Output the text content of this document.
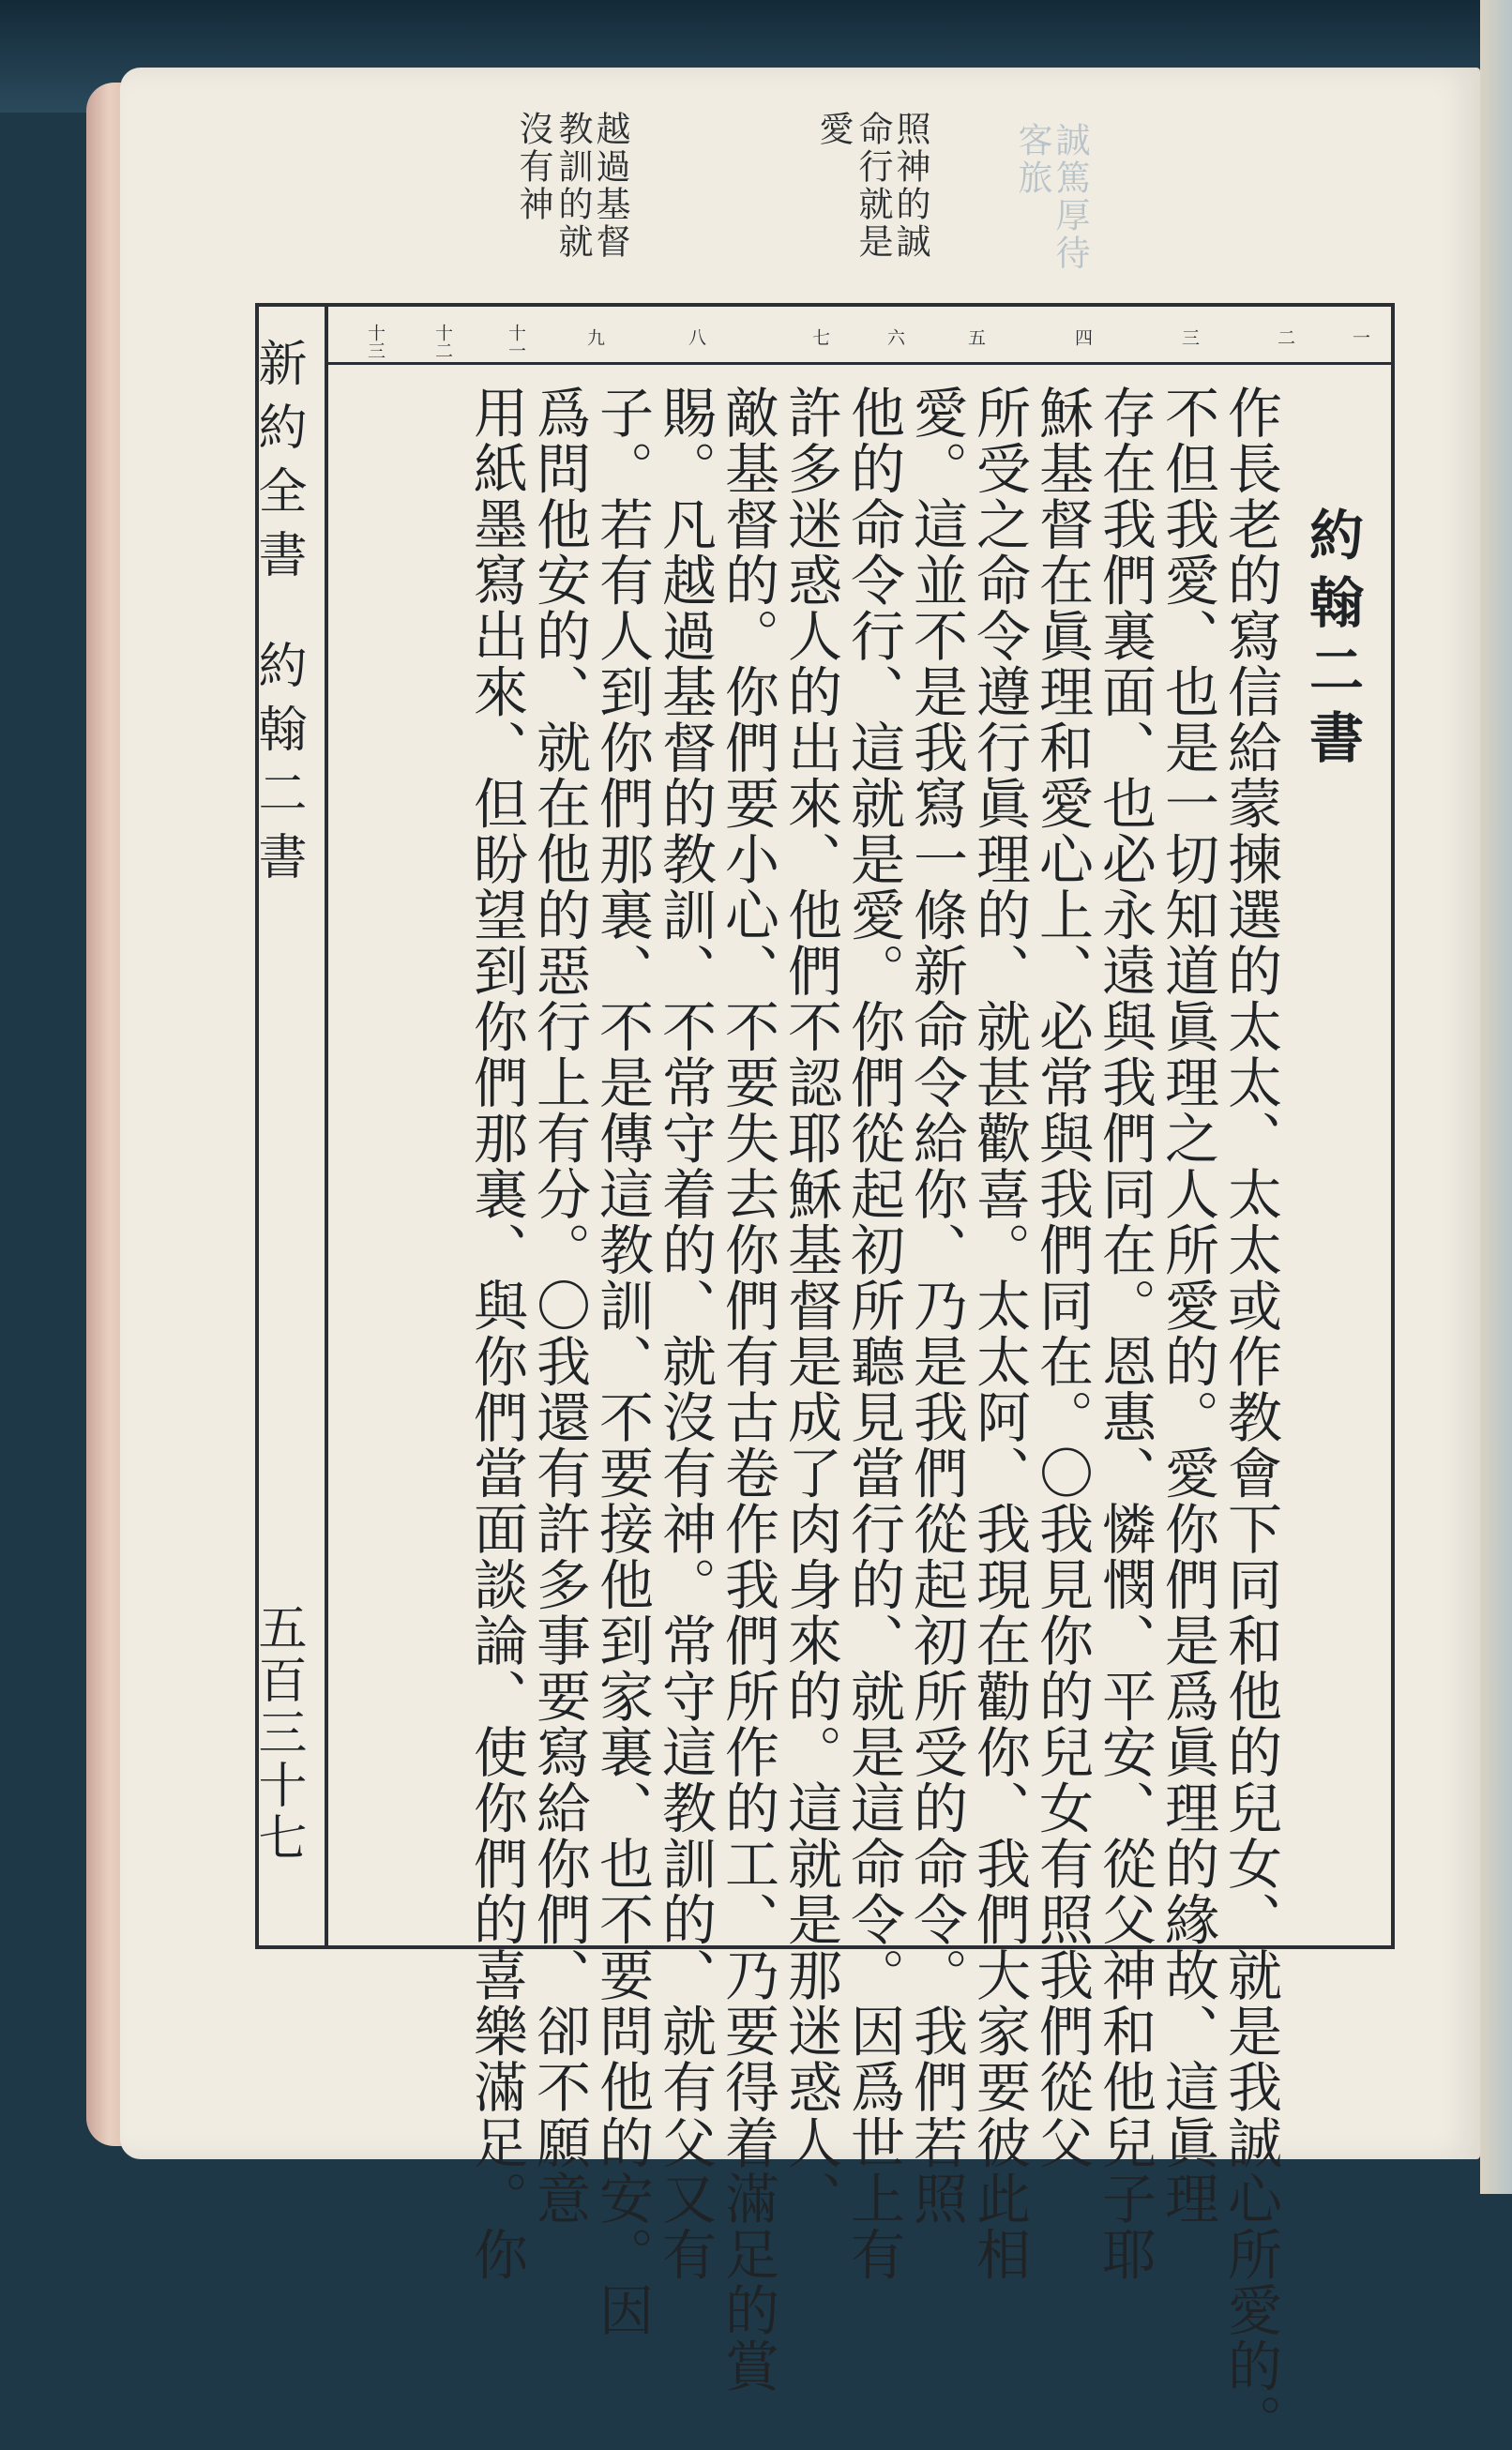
誠篤厚待
客旅
照神的誠
命行就是
愛
越過基督
教訓的就
沒有神
一
二
三
四
五
六
七
八
九
十一
十二
十三
約翰二書
作長老的寫信給蒙揀選的太太、太太或作教會下同和他的兒女、就是我誠心所愛的。
不但我愛、也是一切知道眞理之人所愛的。愛你們是爲眞理的緣故、這眞理
存在我們裏面、也必永遠與我們同在。恩惠、憐憫、平安、從父神和他兒子耶
穌基督在眞理和愛心上、必常與我們同在。〇我見你的兒女有照我們從父
所受之命令遵行眞理的、就甚歡喜。太太阿、我現在勸你、我們大家要彼此相
愛。這並不是我寫一條新命令給你、乃是我們從起初所受的命令。我們若照
他的命令行、這就是愛。你們從起初所聽見當行的、就是這命令。因爲世上有
許多迷惑人的出來、他們不認耶穌基督是成了肉身來的。這就是那迷惑人、
敵基督的。你們要小心、不要失去你們有古卷作我們所作的工、乃要得着滿足的賞
賜。凡越過基督的教訓、不常守着的、就沒有神。常守這教訓的、就有父又有
子。若有人到你們那裏、不是傳這教訓、不要接他到家裏、也不要問他的安。因
爲問他安的、就在他的惡行上有分。〇我還有許多事要寫給你們、卻不願意
用紙墨寫出來、但盼望到你們那裏、與你們當面談論、使你們的喜樂滿足。你
新約全書約翰二書
五百三十七
